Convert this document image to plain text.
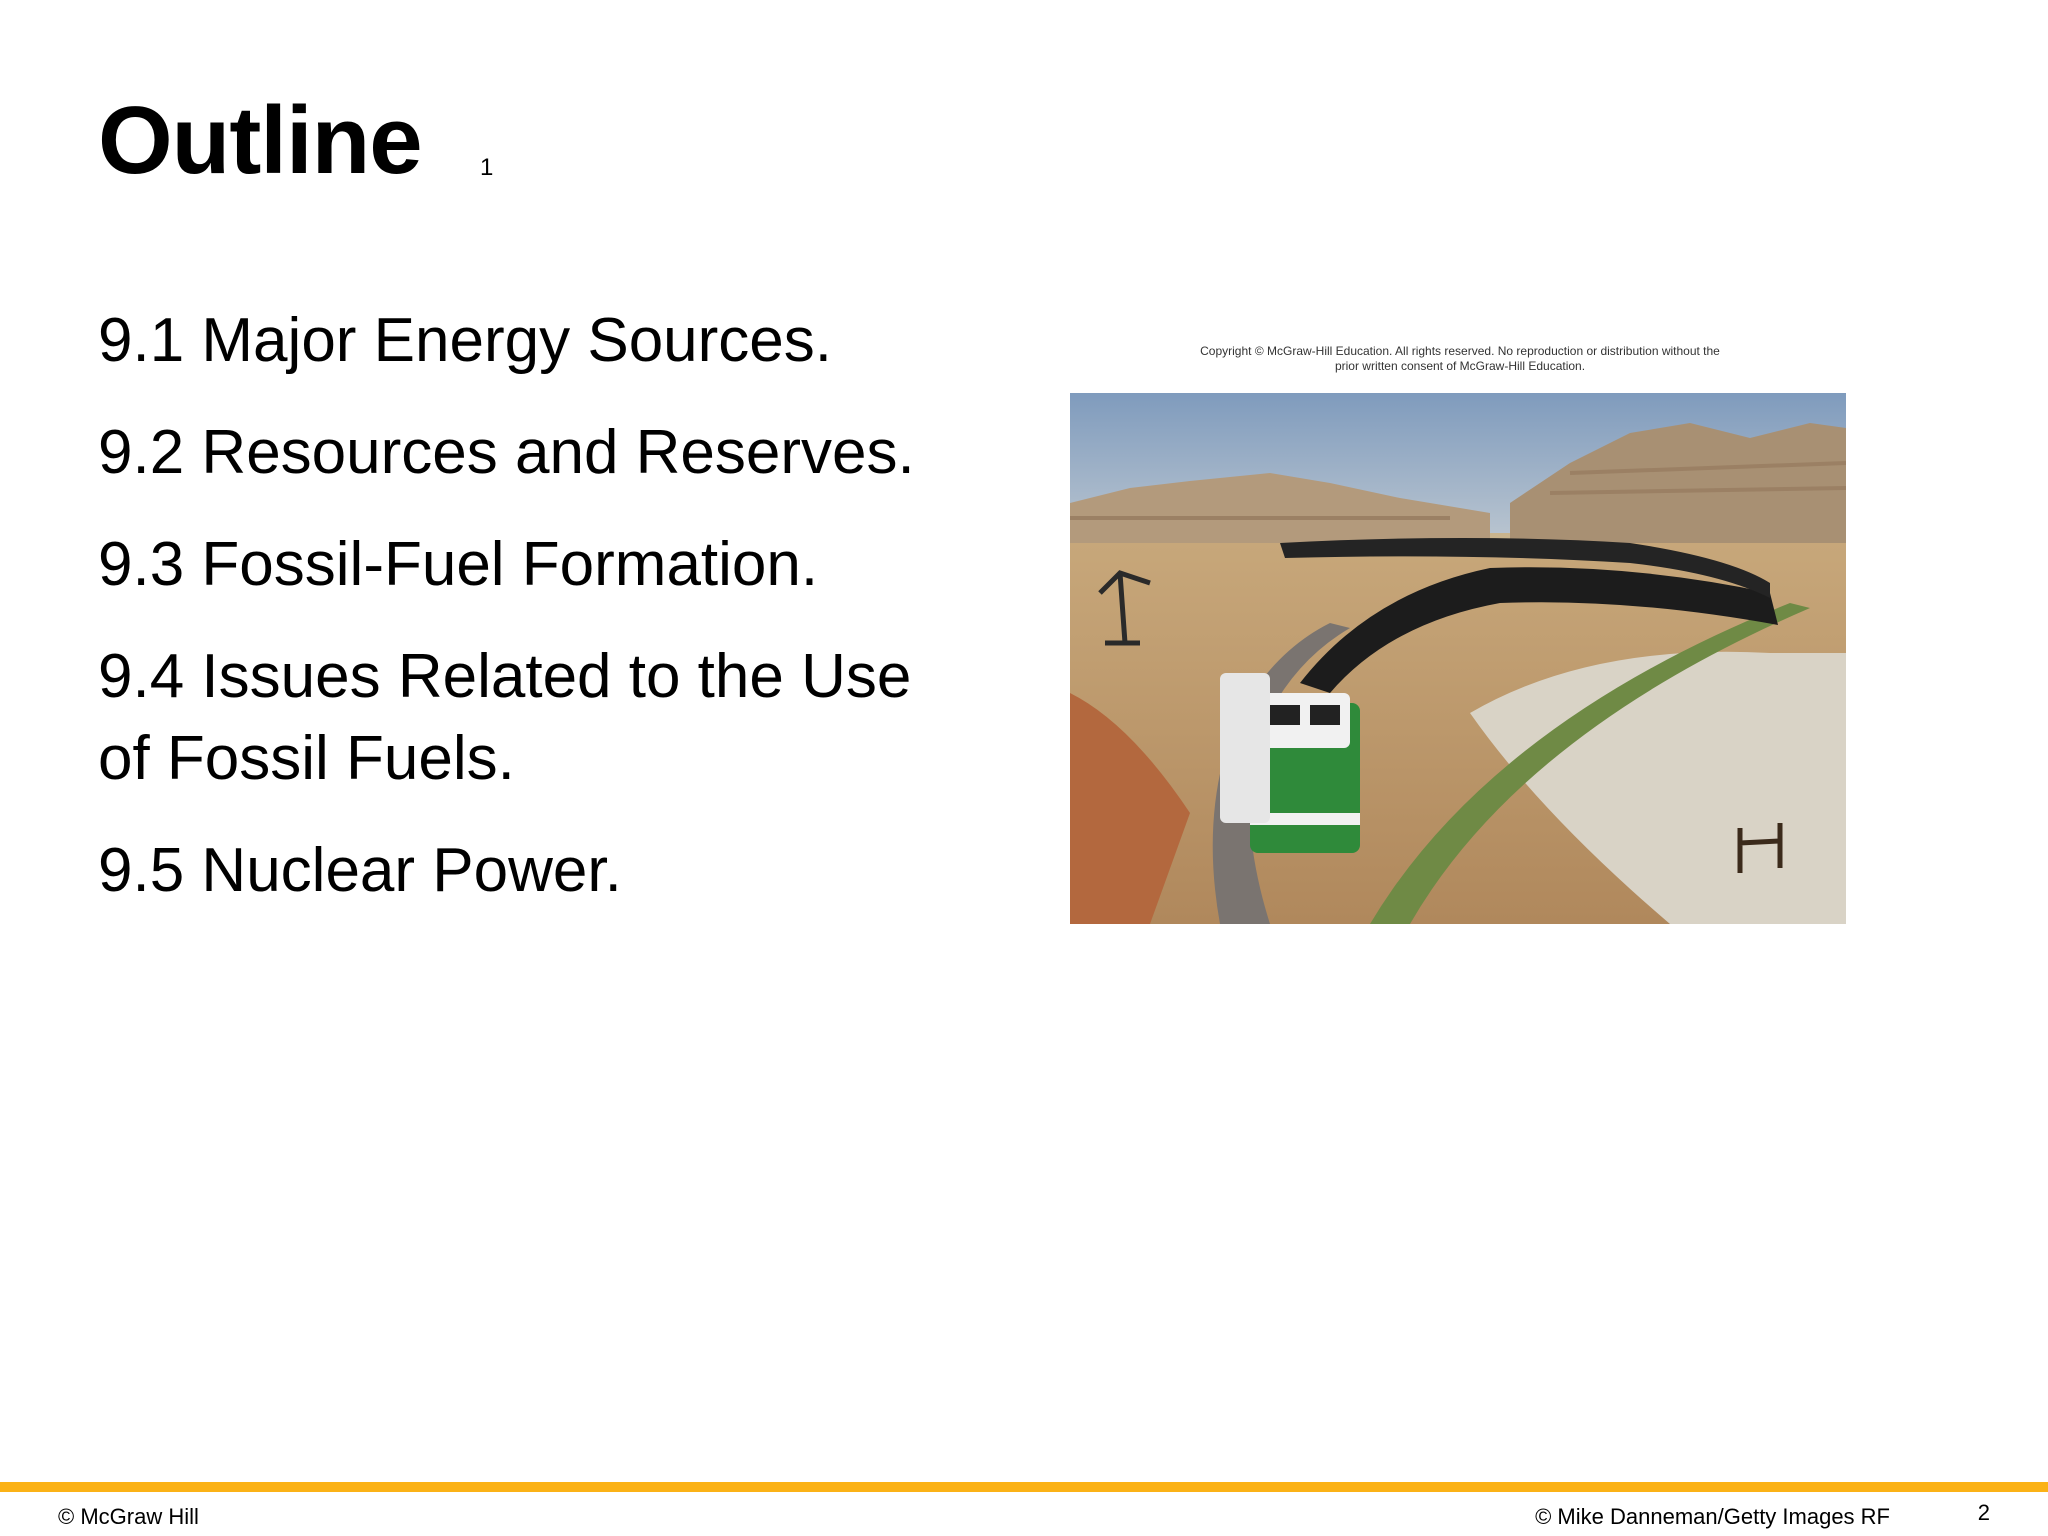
Outline 1
9.1 Major Energy Sources.
9.2 Resources and Reserves.
9.3 Fossil-Fuel Formation.
9.4 Issues Related to the Use of Fossil Fuels.
9.5 Nuclear Power.
Copyright © McGraw-Hill Education. All rights reserved. No reproduction or distribution without the prior written consent of McGraw-Hill Education.
© McGraw Hill	© Mike Danneman/Getty Images RF	2
